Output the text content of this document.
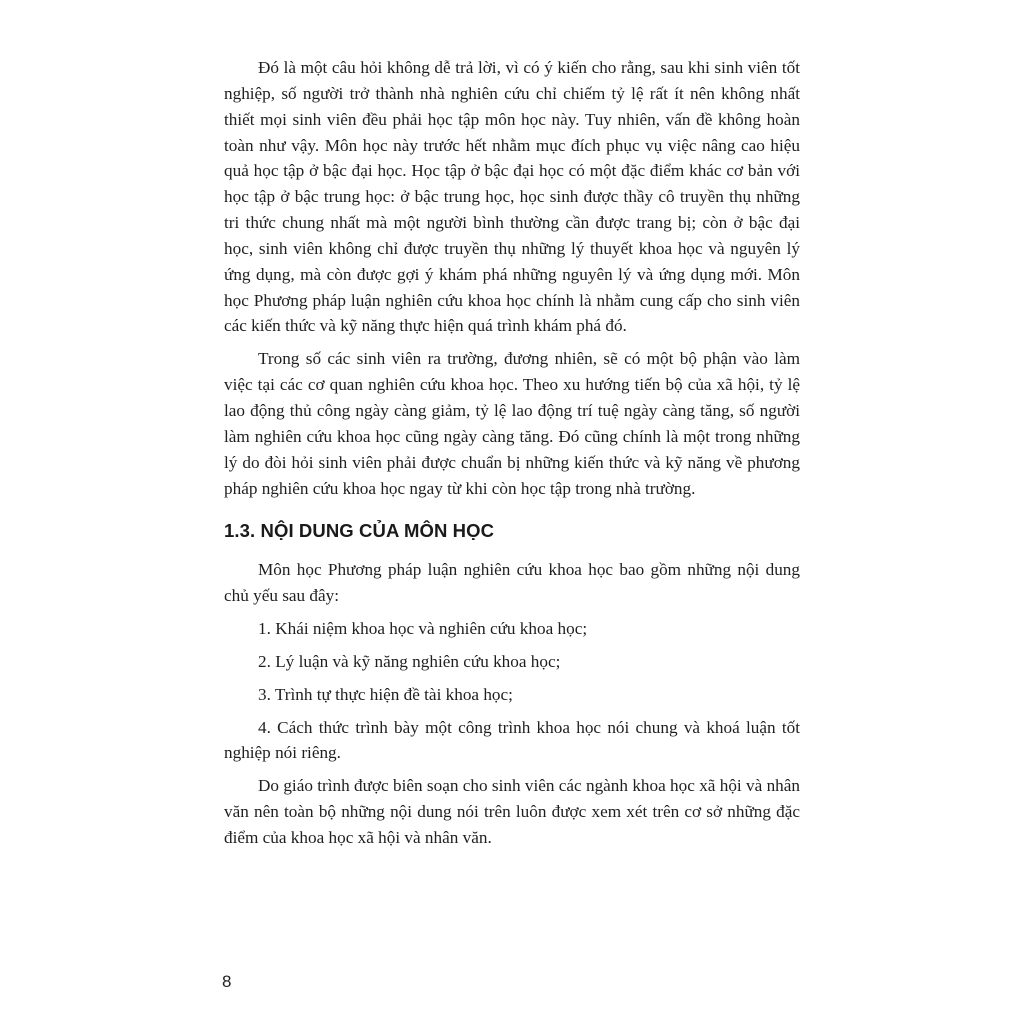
Đó là một câu hỏi không dễ trả lời, vì có ý kiến cho rằng, sau khi sinh viên tốt nghiệp, số người trở thành nhà nghiên cứu chỉ chiếm tỷ lệ rất ít nên không nhất thiết mọi sinh viên đều phải học tập môn học này. Tuy nhiên, vấn đề không hoàn toàn như vậy. Môn học này trước hết nhằm mục đích phục vụ việc nâng cao hiệu quả học tập ở bậc đại học. Học tập ở bậc đại học có một đặc điểm khác cơ bản với học tập ở bậc trung học: ở bậc trung học, học sinh được thầy cô truyền thụ những tri thức chung nhất mà một người bình thường cần được trang bị; còn ở bậc đại học, sinh viên không chỉ được truyền thụ những lý thuyết khoa học và nguyên lý ứng dụng, mà còn được gợi ý khám phá những nguyên lý và ứng dụng mới. Môn học Phương pháp luận nghiên cứu khoa học chính là nhằm cung cấp cho sinh viên các kiến thức và kỹ năng thực hiện quá trình khám phá đó.

Trong số các sinh viên ra trường, đương nhiên, sẽ có một bộ phận vào làm việc tại các cơ quan nghiên cứu khoa học. Theo xu hướng tiến bộ của xã hội, tỷ lệ lao động thủ công ngày càng giảm, tỷ lệ lao động trí tuệ ngày càng tăng, số người làm nghiên cứu khoa học cũng ngày càng tăng. Đó cũng chính là một trong những lý do đòi hỏi sinh viên phải được chuẩn bị những kiến thức và kỹ năng về phương pháp nghiên cứu khoa học ngay từ khi còn học tập trong nhà trường.

1.3. NỘI DUNG CỦA MÔN HỌC

Môn học Phương pháp luận nghiên cứu khoa học bao gồm những nội dung chủ yếu sau đây:

1. Khái niệm khoa học và nghiên cứu khoa học;

2. Lý luận và kỹ năng nghiên cứu khoa học;

3. Trình tự thực hiện đề tài khoa học;

4. Cách thức trình bày một công trình khoa học nói chung và khoá luận tốt nghiệp nói riêng.

Do giáo trình được biên soạn cho sinh viên các ngành khoa học xã hội và nhân văn nên toàn bộ những nội dung nói trên luôn được xem xét trên cơ sở những đặc điểm của khoa học xã hội và nhân văn.

8
